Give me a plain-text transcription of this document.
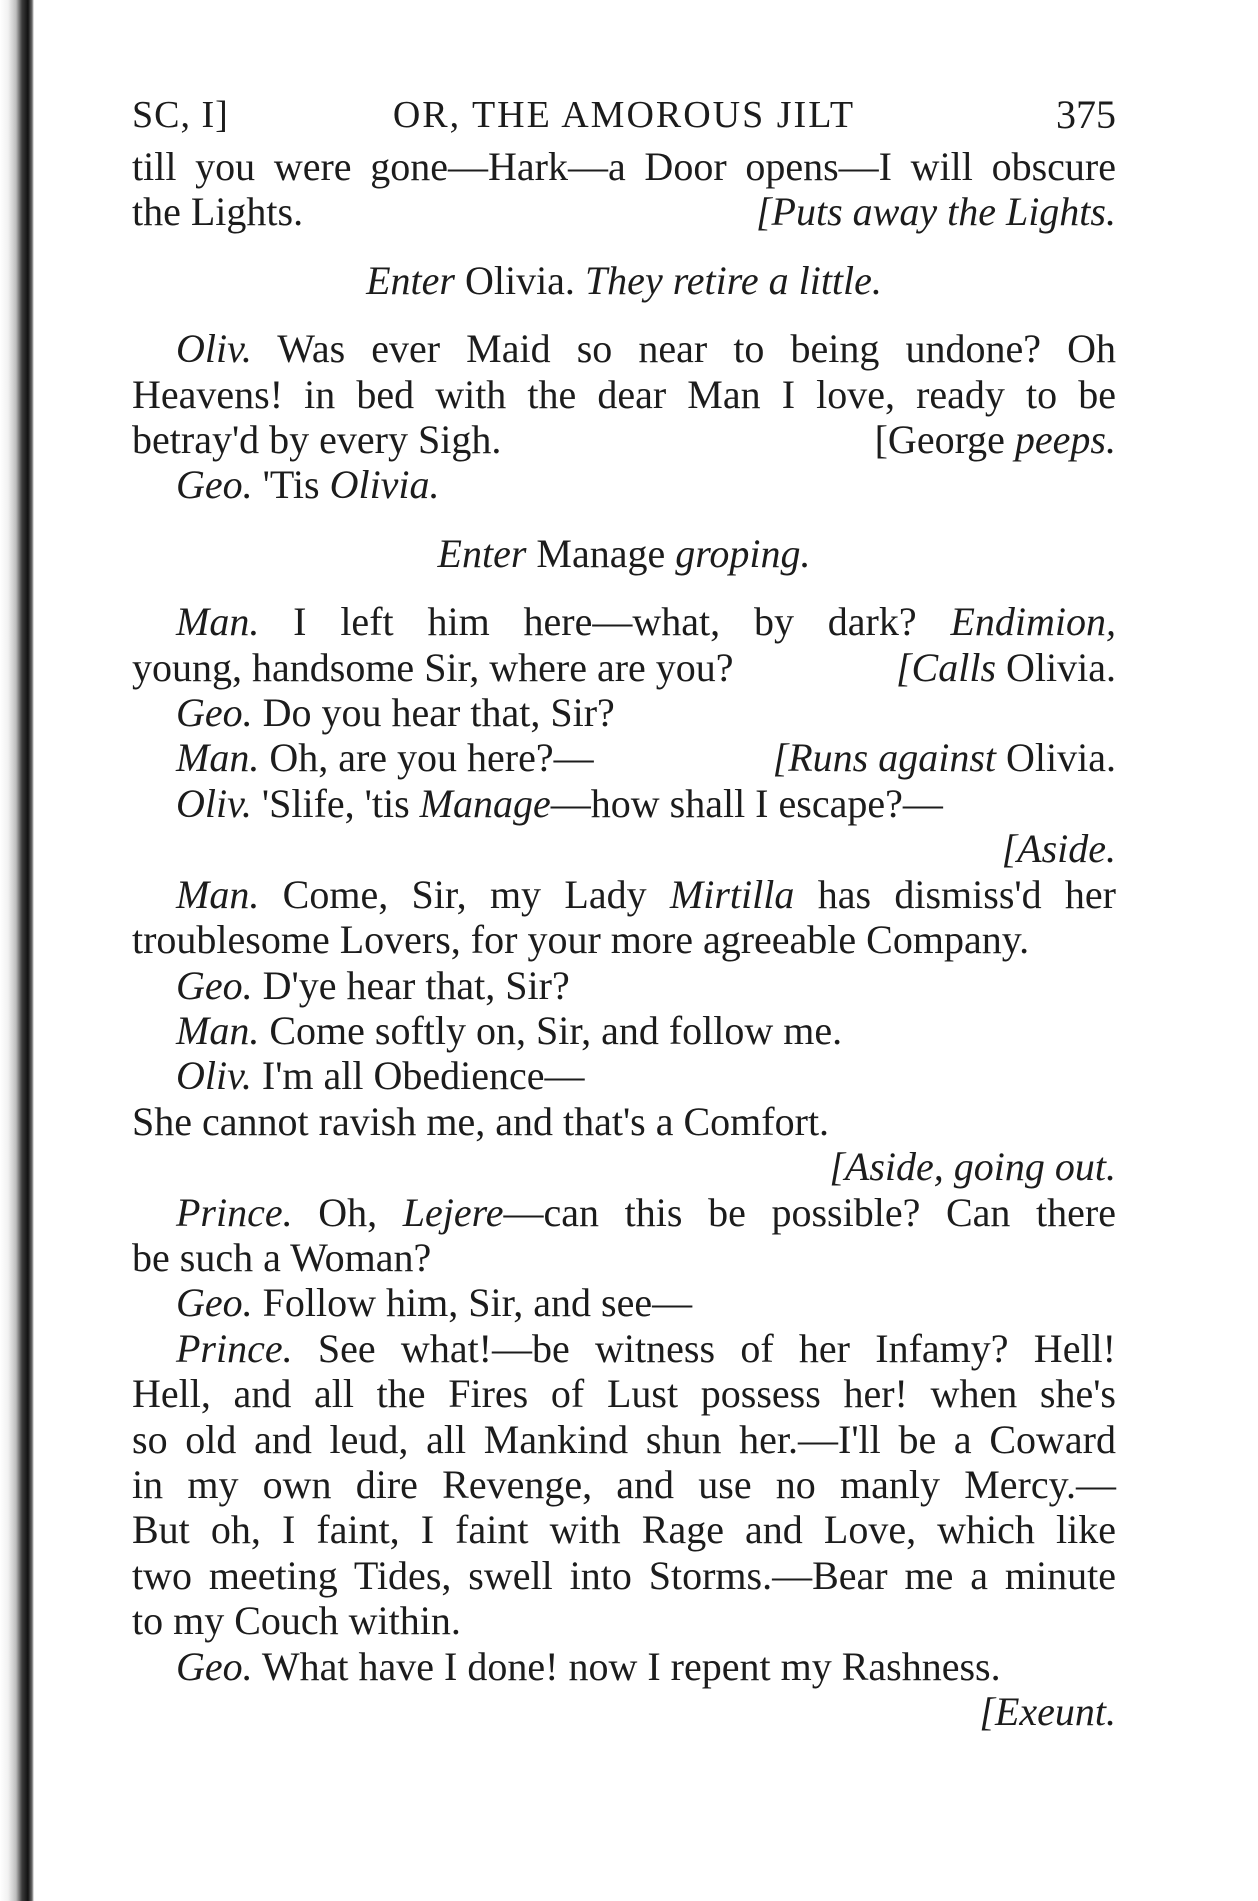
SC, I]	OR, THE AMOROUS JILT	375
till you were gone—Hark—a Door opens—I will obscure
the Lights.	[Puts away the Lights.
Enter Olivia. They retire a little.
Oliv. Was ever Maid so near to being undone? Oh
Heavens! in bed with the dear Man I love, ready to be
betray'd by every Sigh.	[George peeps.
Geo. 'Tis Olivia.
Enter Manage groping.
Man. I left him here—what, by dark? Endimion,
young, handsome Sir, where are you?	[Calls Olivia.
Geo. Do you hear that, Sir?
Man. Oh, are you here?—	[Runs against Olivia.
Oliv. 'Slife, 'tis Manage—how shall I escape?—
[Aside.
Man. Come, Sir, my Lady Mirtilla has dismiss'd her
troublesome Lovers, for your more agreeable Company.
Geo. D'ye hear that, Sir?
Man. Come softly on, Sir, and follow me.
Oliv. I'm all Obedience—
She cannot ravish me, and that's a Comfort.
[Aside, going out.
Prince. Oh, Lejere—can this be possible? Can there
be such a Woman?
Geo. Follow him, Sir, and see—
Prince. See what!—be witness of her Infamy? Hell!
Hell, and all the Fires of Lust possess her! when she's
so old and leud, all Mankind shun her.—I'll be a Coward
in my own dire Revenge, and use no manly Mercy.—
But oh, I faint, I faint with Rage and Love, which like
two meeting Tides, swell into Storms.—Bear me a minute
to my Couch within.
Geo. What have I done! now I repent my Rashness.
[Exeunt.
